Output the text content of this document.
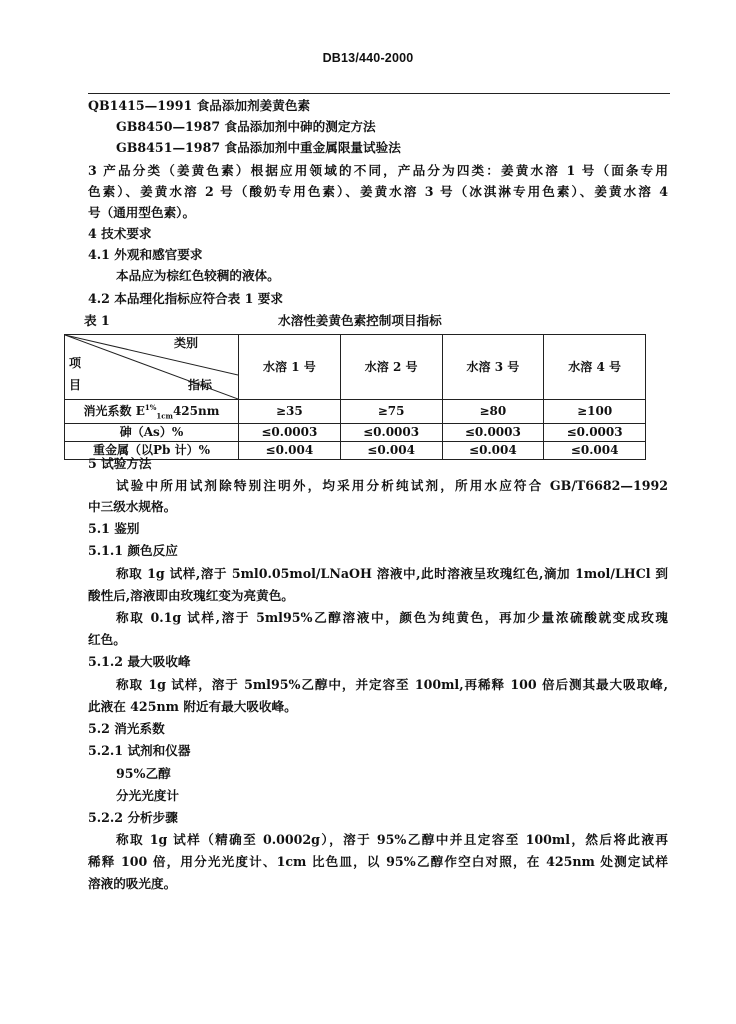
DB13/440-2000
QB1415—1991 食品添加剂姜黄色素
GB8450—1987 食品添加剂中砷的测定方法
GB8451—1987 食品添加剂中重金属限量试验法
3 产品分类（姜黄色素）根据应用领域的不同，产品分为四类：姜黄水溶 1 号（面条专用
色素）、姜黄水溶 2 号（酸奶专用色素）、姜黄水溶 3 号（冰淇淋专用色素）、姜黄水溶 4
号（通用型色素）。
4 技术要求
4.1 外观和感官要求
本品应为棕红色较稠的液体。
4.2 本品理化指标应符合表 1 要求
表 1	水溶性姜黄色素控制项目指标
类别
项
目 指标	水溶 1 号	水溶 2 号	水溶 3 号	水溶 4 号
消光系数 $E^{1\%}_{1cm}425nm$	≥35	≥75	≥80	≥100
砷（As）%	≤0.0003	≤0.0003	≤0.0003	≤0.0003
重金属（以Pb 计）%	≤0.004	≤0.004	≤0.004	≤0.004
5 试验方法
试验中所用试剂除特别注明外，均采用分析纯试剂，所用水应符合 GB/T6682—1992
中三级水规格。
5.1 鉴别
5.1.1 颜色反应
称取 1g 试样,溶于 5ml0.05mol/LNaOH 溶液中,此时溶液呈玫瑰红色,滴加 1mol/LHCl 到
酸性后,溶液即由玫瑰红变为亮黄色。
称取 0.1g 试样,溶于 5ml95%乙醇溶液中，颜色为纯黄色，再加少量浓硫酸就变成玫瑰
红色。
5.1.2 最大吸收峰
称取 1g 试样，溶于 5ml95%乙醇中，并定容至 100ml,再稀释 100 倍后测其最大吸取峰,
此液在 425nm 附近有最大吸收峰。
5.2 消光系数
5.2.1 试剂和仪器
95%乙醇
分光光度计
5.2.2 分析步骤
称取 1g 试样（精确至 0.0002g），溶于 95%乙醇中并且定容至 100ml，然后将此液再
稀释 100 倍，用分光光度计、1cm 比色皿，以 95%乙醇作空白对照，在 425nm 处测定试样
溶液的吸光度。
